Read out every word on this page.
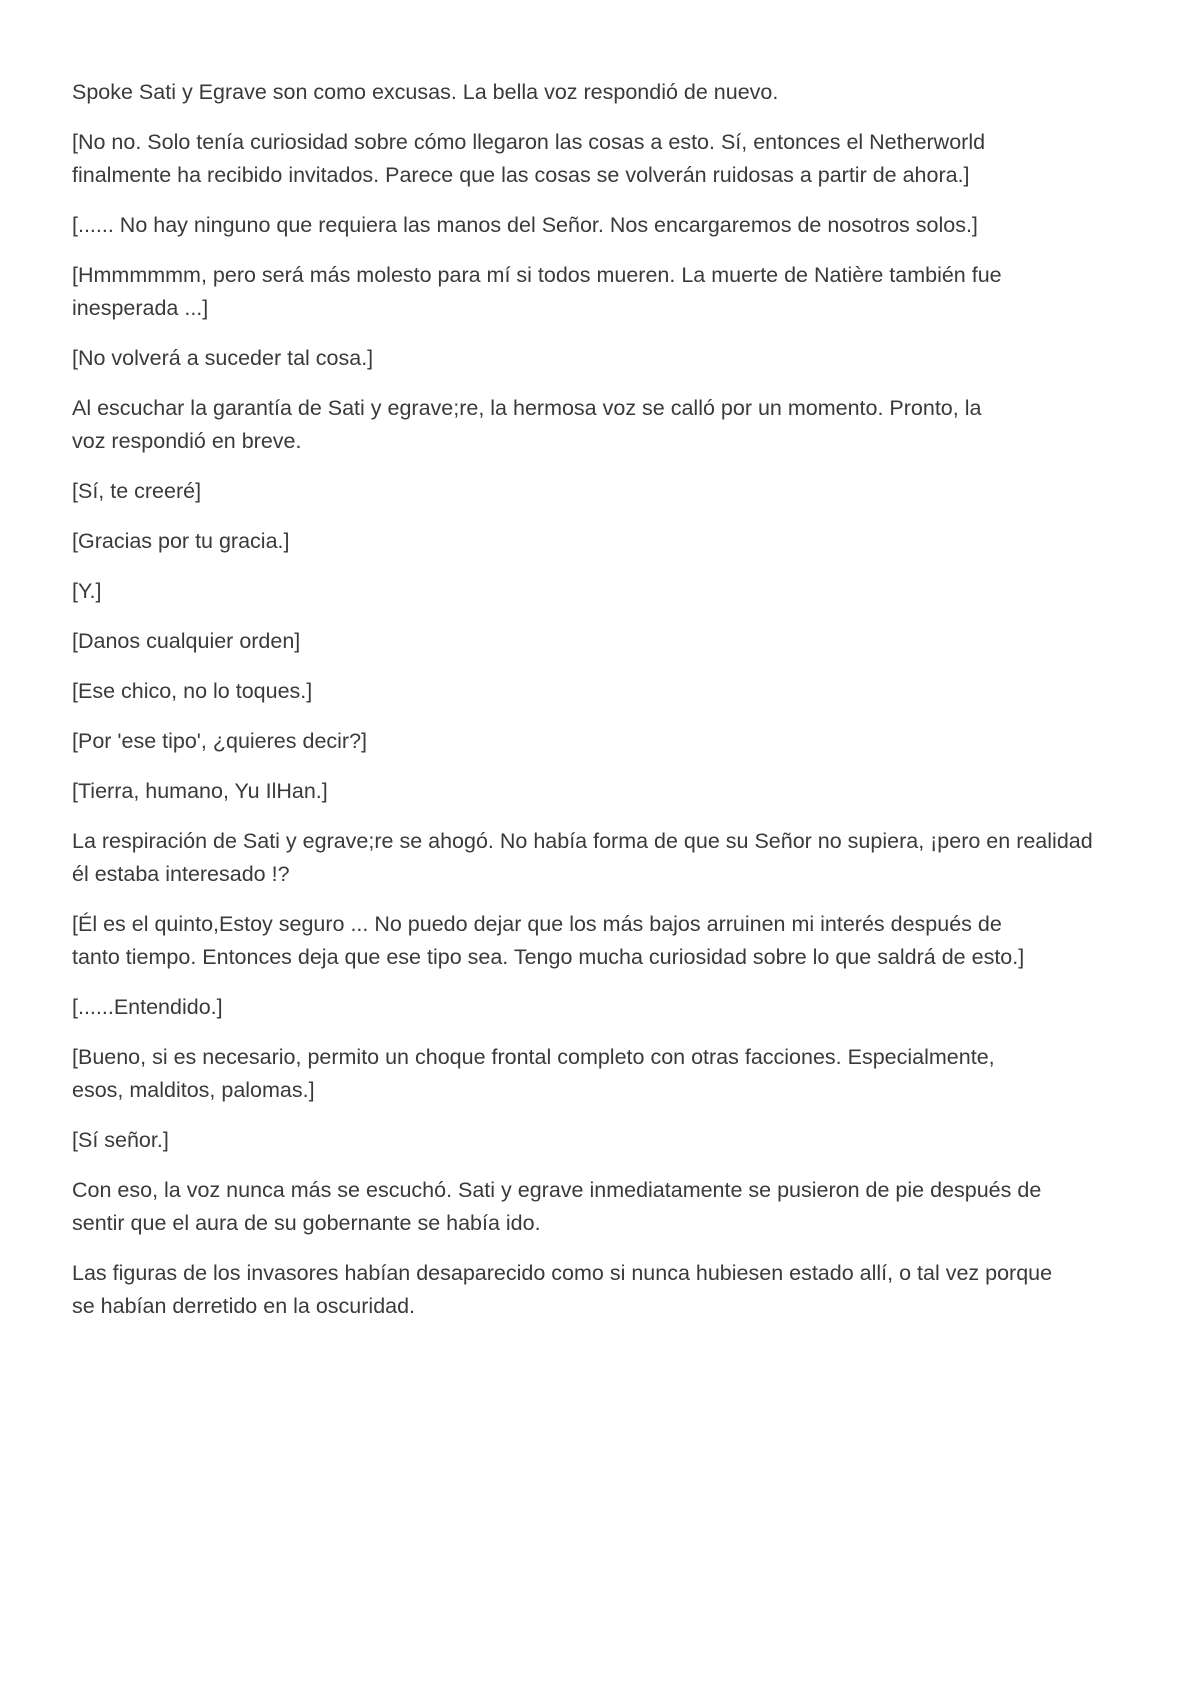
Spoke Sati y Egrave son como excusas. La bella voz respondió de nuevo.

[No no. Solo tenía curiosidad sobre cómo llegaron las cosas a esto. Sí, entonces el Netherworld
finalmente ha recibido invitados. Parece que las cosas se volverán ruidosas a partir de ahora.]

[...... No hay ninguno que requiera las manos del Señor. Nos encargaremos de nosotros solos.]

[Hmmmmmm, pero será más molesto para mí si todos mueren. La muerte de Natière también fue
inesperada ...]

[No volverá a suceder tal cosa.]

Al escuchar la garantía de Sati y egrave;re, la hermosa voz se calló por un momento. Pronto, la
voz respondió en breve.

[Sí, te creeré]

[Gracias por tu gracia.]

[Y.]

[Danos cualquier orden]

[Ese chico, no lo toques.]

[Por 'ese tipo', ¿quieres decir?]

[Tierra, humano, Yu IlHan.]

La respiración de Sati y egrave;re se ahogó. No había forma de que su Señor no supiera, ¡pero en realidad
él estaba interesado !?

[Él es el quinto,Estoy seguro ... No puedo dejar que los más bajos arruinen mi interés después de
tanto tiempo. Entonces deja que ese tipo sea. Tengo mucha curiosidad sobre lo que saldrá de esto.]

[......Entendido.]

[Bueno, si es necesario, permito un choque frontal completo con otras facciones. Especialmente,
esos, malditos, palomas.]

[Sí señor.]

Con eso, la voz nunca más se escuchó. Sati y egrave inmediatamente se pusieron de pie después de
sentir que el aura de su gobernante se había ido.

Las figuras de los invasores habían desaparecido como si nunca hubiesen estado allí, o tal vez porque
se habían derretido en la oscuridad.
